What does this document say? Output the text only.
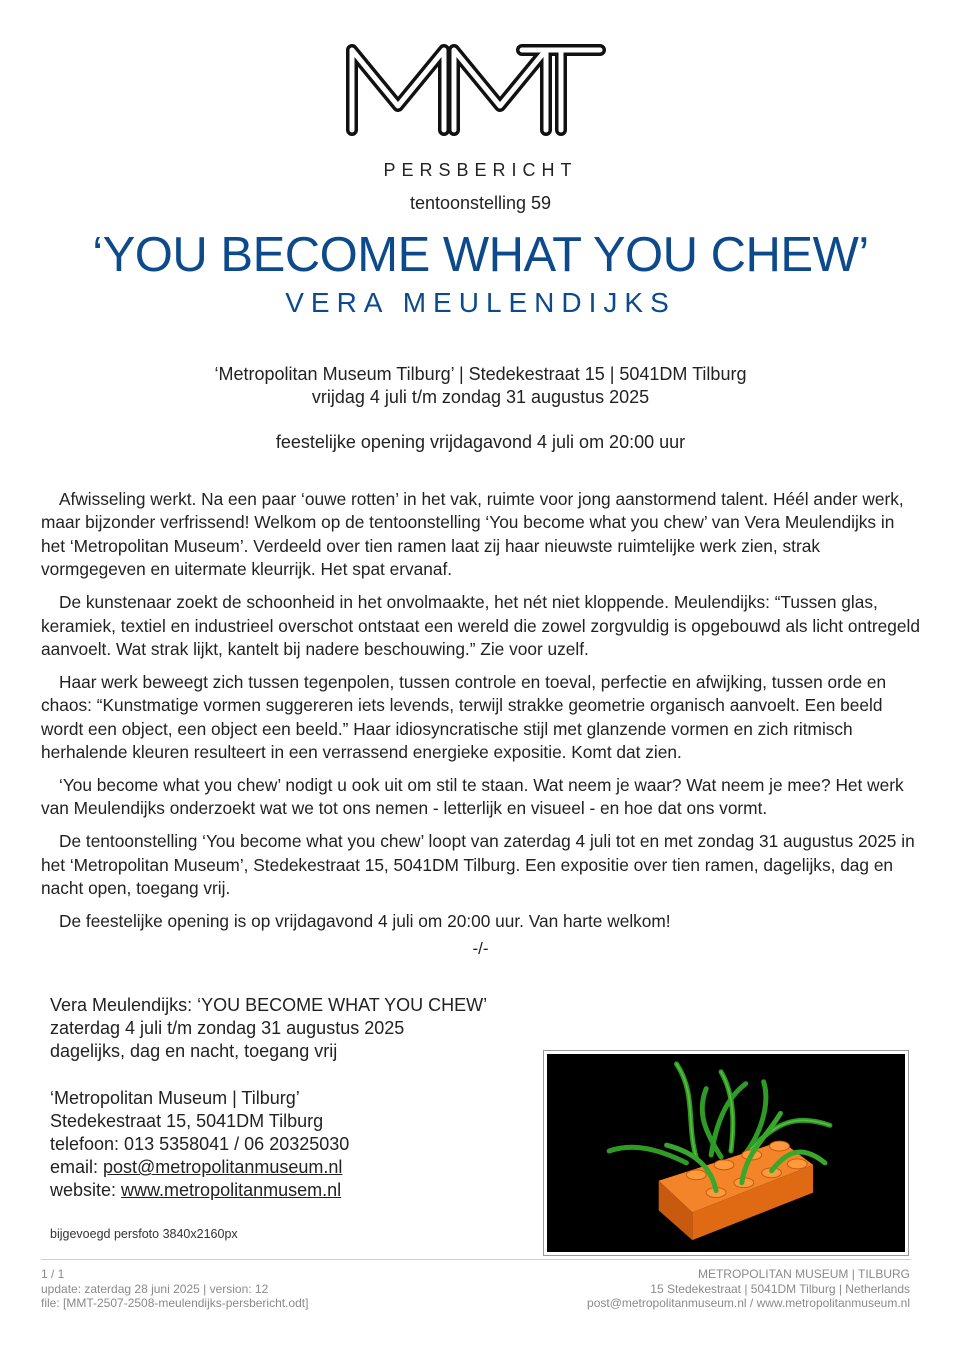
PERSBERICHT
tentoonstelling 59
‘YOU BECOME WHAT YOU CHEW’
VERA MEULENDIJKS
‘Metropolitan Museum Tilburg’ | Stedekestraat 15 | 5041DM Tilburg
vrijdag 4 juli t/m zondag 31 augustus 2025
feestelijke opening vrijdagavond 4 juli om 20:00 uur

Afwisseling werkt. Na een paar ‘ouwe rotten’ in het vak, ruimte voor jong aanstormend talent. Héél ander werk, maar bijzonder verfrissend! Welkom op de tentoonstelling ‘You become what you chew’ van Vera Meulendijks in het ‘Metropolitan Museum’. Verdeeld over tien ramen laat zij haar nieuwste ruimtelijke werk zien, strak vormgegeven en uitermate kleurrijk. Het spat ervanaf.

De kunstenaar zoekt de schoonheid in het onvolmaakte, het nét niet kloppende. Meulendijks: “Tussen glas, keramiek, textiel en industrieel overschot ontstaat een wereld die zowel zorgvuldig is opgebouwd als licht ontregeld aanvoelt. Wat strak lijkt, kantelt bij nadere beschouwing.” Zie voor uzelf.

Haar werk beweegt zich tussen tegenpolen, tussen controle en toeval, perfectie en afwijking, tussen orde en chaos: “Kunstmatige vormen suggereren iets levends, terwijl strakke geometrie organisch aanvoelt. Een beeld wordt een object, een object een beeld.” Haar idiosyncratische stijl met glanzende vormen en zich ritmisch herhalende kleuren resulteert in een verrassend energieke expositie. Komt dat zien.

‘You become what you chew’ nodigt u ook uit om stil te staan. Wat neem je waar? Wat neem je mee? Het werk van Meulendijks onderzoekt wat we tot ons nemen - letterlijk en visueel - en hoe dat ons vormt.

De tentoonstelling ‘You become what you chew’ loopt van zaterdag 4 juli tot en met zondag 31 augustus 2025 in het ‘Metropolitan Museum’, Stedekestraat 15, 5041DM Tilburg. Een expositie over tien ramen, dagelijks, dag en nacht open, toegang vrij.

De feestelijke opening is op vrijdagavond 4 juli om 20:00 uur. Van harte welkom!

-/-
Vera Meulendijks: ‘YOU BECOME WHAT YOU CHEW’
zaterdag 4 juli t/m zondag 31 augustus 2025
dagelijks, dag en nacht, toegang vrij
‘Metropolitan Museum | Tilburg’
Stedekestraat 15, 5041DM Tilburg
telefoon: 013 5358041 / 06 20325030
email: post@metropolitanmuseum.nl
website: www.metropolitanmusem.nl
bijgevoegd persfoto 3840x2160px
1 / 1
update: zaterdag 28 juni 2025 | version: 12
file: [MMT-2507-2508-meulendijks-persbericht.odt]
METROPOLITAN MUSEUM | TILBURG
15 Stedekestraat | 5041DM Tilburg | Netherlands
post@metropolitanmuseum.nl / www.metropolitanmuseum.nl
